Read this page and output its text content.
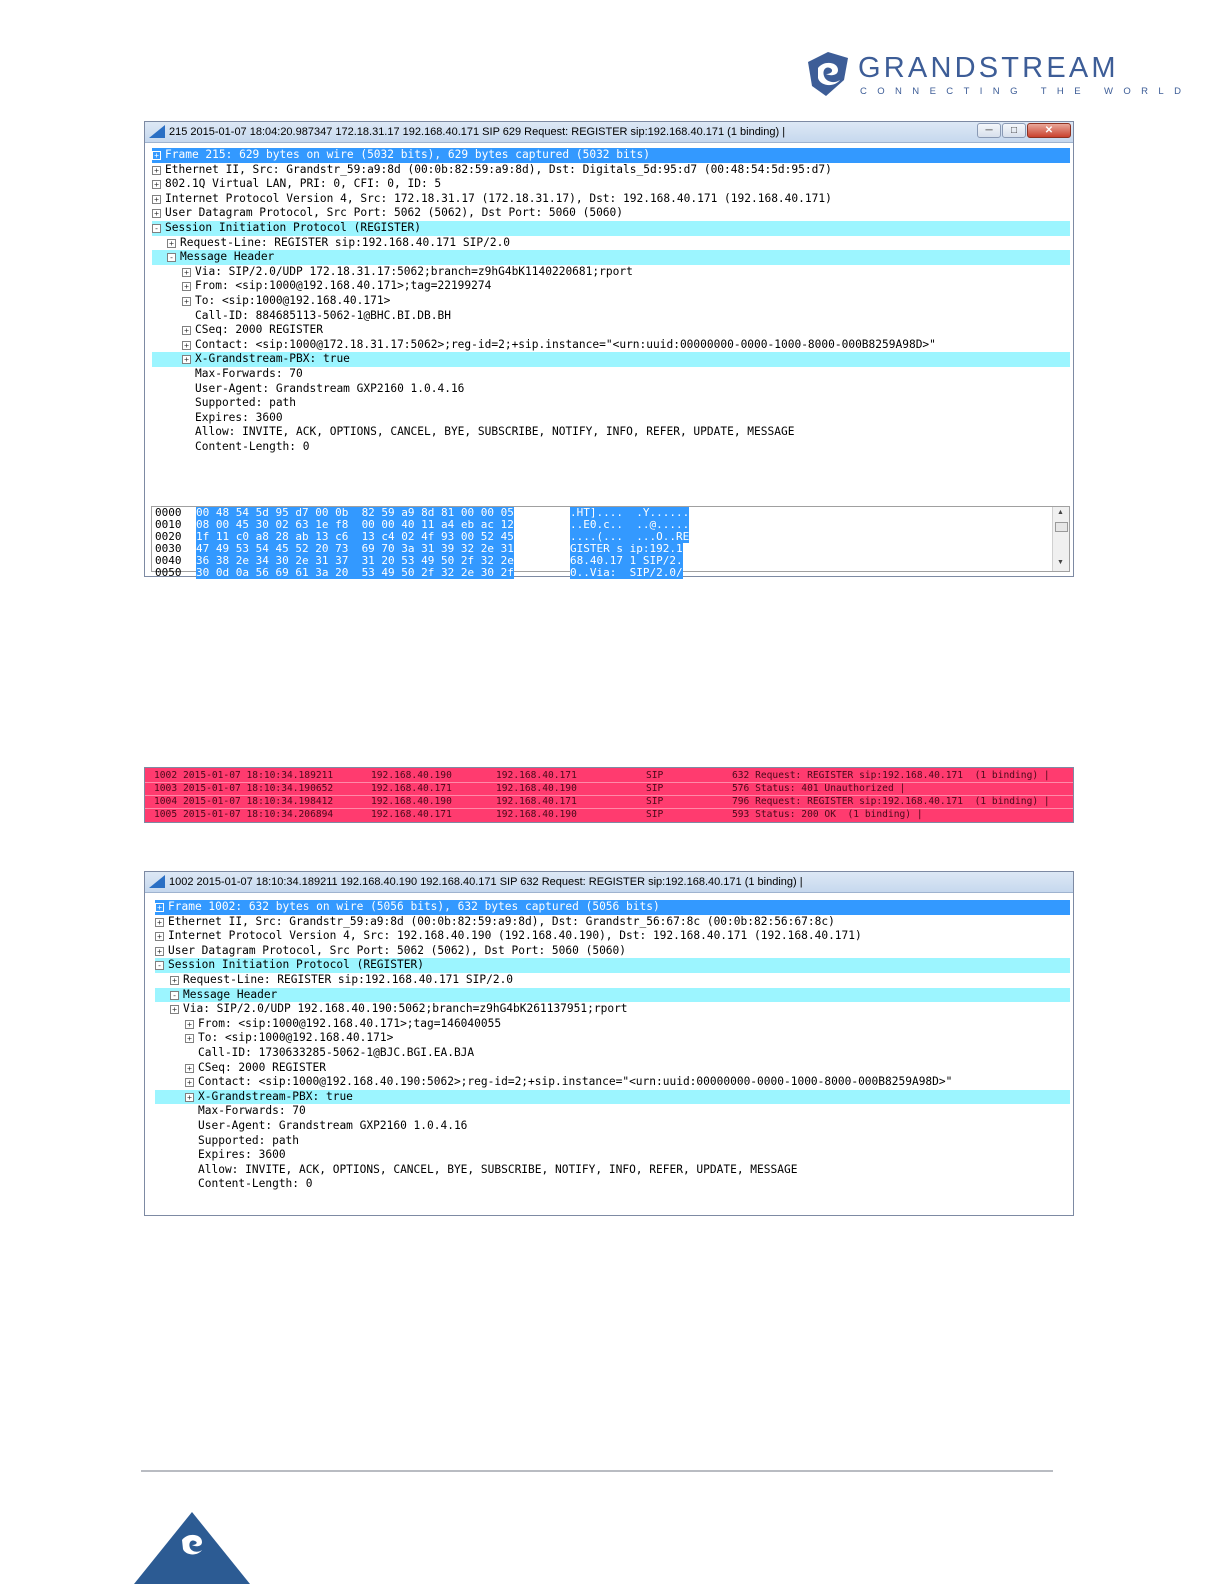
GRANDSTREAM
CONNECTING THE WORLD
215 2015-01-07 18:04:20.987347 172.18.31.17 192.168.40.171 SIP 629 Request: REGISTER sip:192.168.40.171 (1 binding) |	─	□	✕
+ Frame 215: 629 bytes on wire (5032 bits), 629 bytes captured (5032 bits)
+ Ethernet II, Src: Grandstr_59:a9:8d (00:0b:82:59:a9:8d), Dst: Digitals_5d:95:d7 (00:48:54:5d:95:d7)
+ 802.1Q Virtual LAN, PRI: 0, CFI: 0, ID: 5
+ Internet Protocol Version 4, Src: 172.18.31.17 (172.18.31.17), Dst: 192.168.40.171 (192.168.40.171)
+ User Datagram Protocol, Src Port: 5062 (5062), Dst Port: 5060 (5060)
- Session Initiation Protocol (REGISTER)
+ Request-Line: REGISTER sip:192.168.40.171 SIP/2.0
- Message Header
+ Via: SIP/2.0/UDP 172.18.31.17:5062;branch=z9hG4bK1140220681;rport
+ From: <sip:1000@192.168.40.171>;tag=22199274
+ To: <sip:1000@192.168.40.171>
Call-ID: 884685113-5062-1@BHC.BI.DB.BH
+ CSeq: 2000 REGISTER
+ Contact: <sip:1000@172.18.31.17:5062>;reg-id=2;+sip.instance="<urn:uuid:00000000-0000-1000-8000-000B8259A98D>"
+ X-Grandstream-PBX: true
Max-Forwards: 70
User-Agent: Grandstream GXP2160 1.0.4.16
Supported: path
Expires: 3600
Allow: INVITE, ACK, OPTIONS, CANCEL, BYE, SUBSCRIBE, NOTIFY, INFO, REFER, UPDATE, MESSAGE
Content-Length: 0
0000 00 48 54 5d 95 d7 00 0b  82 59 a9 8d 81 00 00 05	.HT]....  .Y......
0010 08 00 45 30 02 63 1e f8  00 00 40 11 a4 eb ac 12	..E0.c..  ..@.....
0020 1f 11 c0 a8 28 ab 13 c6  13 c4 02 4f 93 00 52 45	....(...  ...O..RE
0030 47 49 53 54 45 52 20 73  69 70 3a 31 39 32 2e 31	GISTER s ip:192.1
0040 36 38 2e 34 30 2e 31 37  31 20 53 49 50 2f 32 2e	68.40.17 1 SIP/2.
0050 30 0d 0a 56 69 61 3a 20  53 49 50 2f 32 2e 30 2f	0..Via:  SIP/2.0/
▲
▼
1002 2015-01-07 18:10:34.189211	192.168.40.190	192.168.40.171	SIP	632 Request: REGISTER sip:192.168.40.171  (1 binding) |
1003 2015-01-07 18:10:34.190652	192.168.40.171	192.168.40.190	SIP	576 Status: 401 Unauthorized |
1004 2015-01-07 18:10:34.198412	192.168.40.190	192.168.40.171	SIP	796 Request: REGISTER sip:192.168.40.171  (1 binding) |
1005 2015-01-07 18:10:34.206894	192.168.40.171	192.168.40.190	SIP	593 Status: 200 OK  (1 binding) |
1002 2015-01-07 18:10:34.189211 192.168.40.190 192.168.40.171 SIP 632 Request: REGISTER sip:192.168.40.171 (1 binding) |
+ Frame 1002: 632 bytes on wire (5056 bits), 632 bytes captured (5056 bits)
+ Ethernet II, Src: Grandstr_59:a9:8d (00:0b:82:59:a9:8d), Dst: Grandstr_56:67:8c (00:0b:82:56:67:8c)
+ Internet Protocol Version 4, Src: 192.168.40.190 (192.168.40.190), Dst: 192.168.40.171 (192.168.40.171)
+ User Datagram Protocol, Src Port: 5062 (5062), Dst Port: 5060 (5060)
- Session Initiation Protocol (REGISTER)
+ Request-Line: REGISTER sip:192.168.40.171 SIP/2.0
- Message Header
+ Via: SIP/2.0/UDP 192.168.40.190:5062;branch=z9hG4bK261137951;rport
+ From: <sip:1000@192.168.40.171>;tag=146040055
+ To: <sip:1000@192.168.40.171>
Call-ID: 1730633285-5062-1@BJC.BGI.EA.BJA
+ CSeq: 2000 REGISTER
+ Contact: <sip:1000@192.168.40.190:5062>;reg-id=2;+sip.instance="<urn:uuid:00000000-0000-1000-8000-000B8259A98D>"
+ X-Grandstream-PBX: true
Max-Forwards: 70
User-Agent: Grandstream GXP2160 1.0.4.16
Supported: path
Expires: 3600
Allow: INVITE, ACK, OPTIONS, CANCEL, BYE, SUBSCRIBE, NOTIFY, INFO, REFER, UPDATE, MESSAGE
Content-Length: 0
